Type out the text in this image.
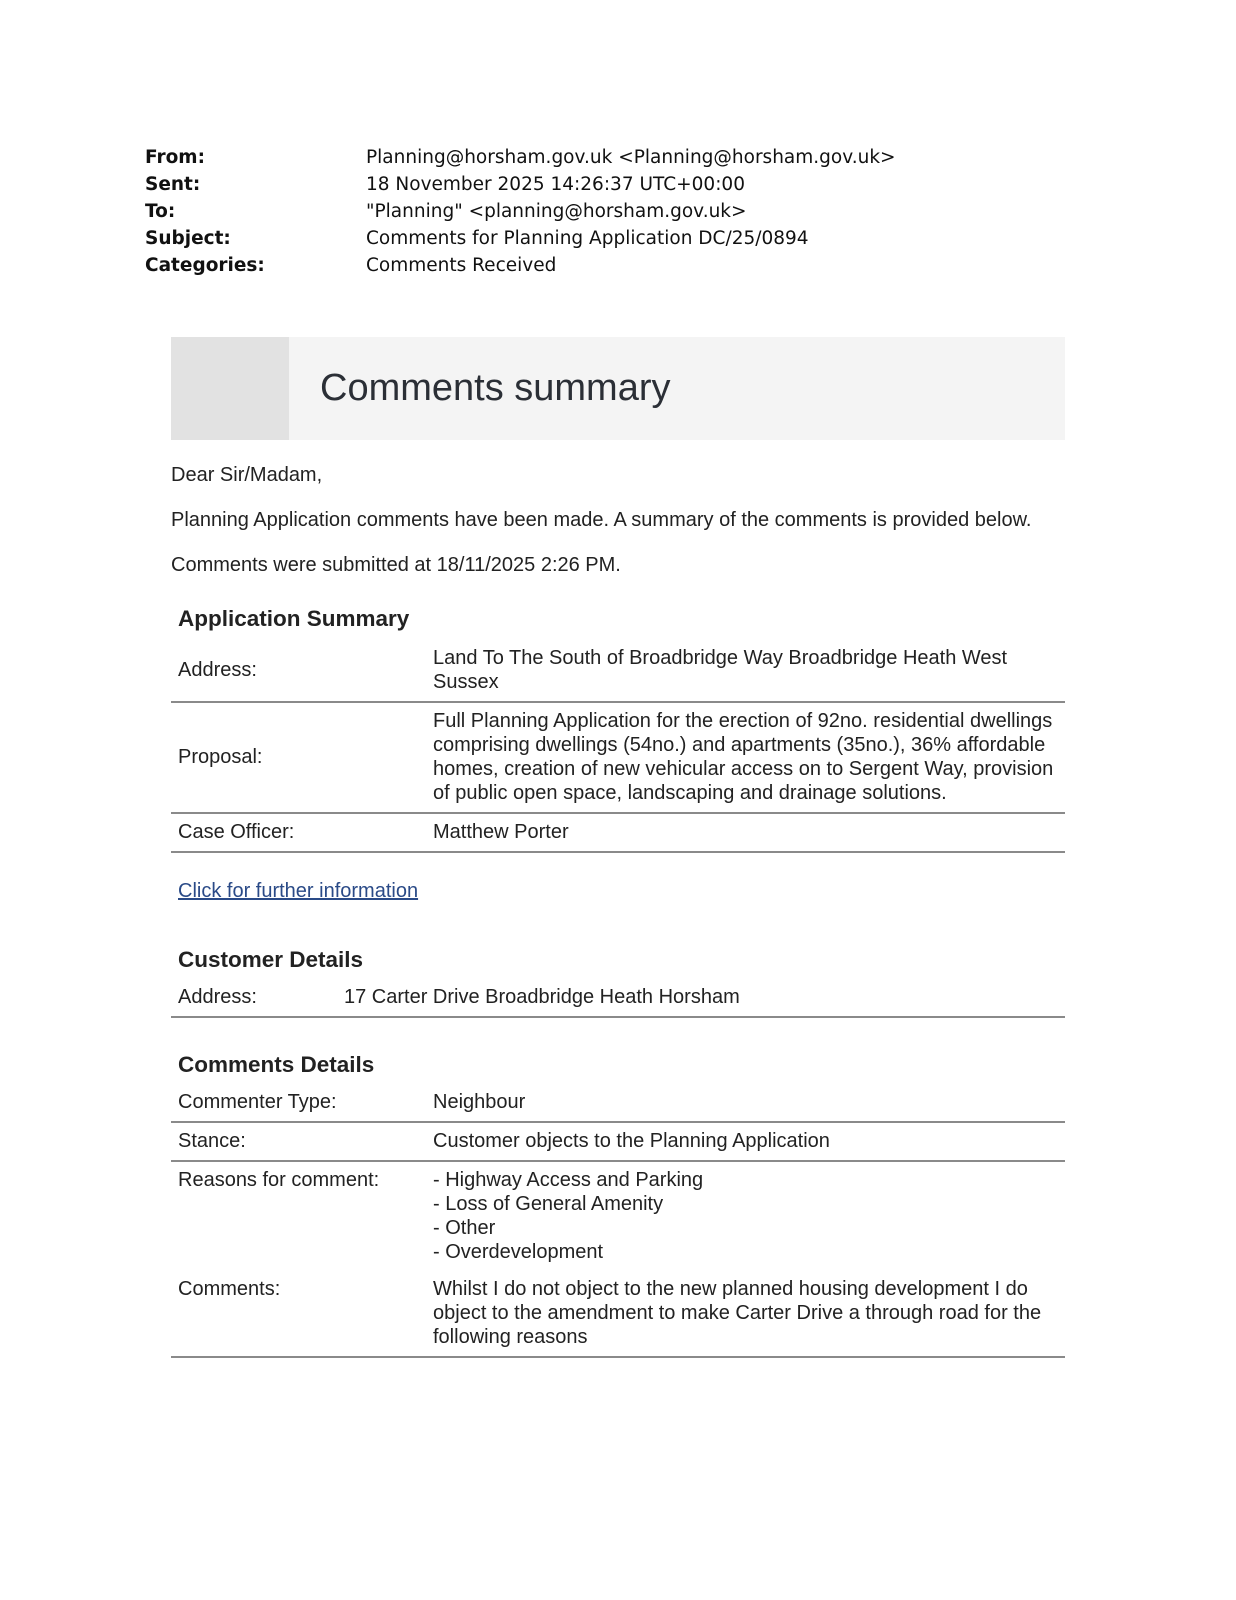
From:	Planning@horsham.gov.uk <Planning@horsham.gov.uk>
Sent:	18 November 2025 14:26:37 UTC+00:00
To:	"Planning" <planning@horsham.gov.uk>
Subject:	Comments for Planning Application DC/25/0894
Categories:	Comments Received
Comments summary

Dear Sir/Madam,

Planning Application comments have been made. A summary of the comments is provided below.

Comments were submitted at 18/11/2025 2:26 PM.

Application Summary
Address:	Land To The South of Broadbridge Way Broadbridge Heath West Sussex
Proposal:	Full Planning Application for the erection of 92no. residential dwellings comprising dwellings (54no.) and apartments (35no.), 36% affordable homes, creation of new vehicular access on to Sergent Way, provision of public open space, landscaping and drainage solutions.
Case Officer:	Matthew Porter
Click for further information
Customer Details
Address:	17 Carter Drive Broadbridge Heath Horsham
Comments Details
Commenter Type:	Neighbour
Stance:	Customer objects to the Planning Application
Reasons for comment:	- Highway Access and Parking
- Loss of General Amenity
- Other
- Overdevelopment

Comments:	Whilst I do not object to the new planned housing development I do object to the amendment to make Carter Drive a through road for the following reasons
